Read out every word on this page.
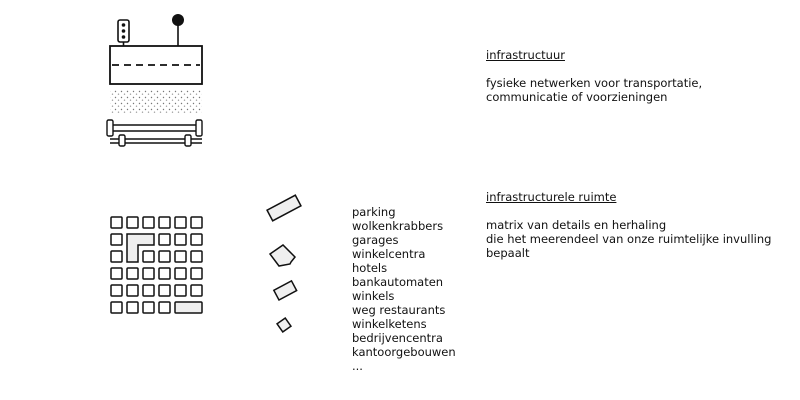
parking
wolkenkrabbers
garages
winkelcentra
hotels
bankautomaten
winkels
weg restaurants
winkelketens
bedrijvencentra
kantoorgebouwen
...
infrastructuur
fysieke netwerken voor transportatie,
communicatie of voorzieningen
infrastructurele ruimte
matrix van details en herhaling
die het meerendeel van onze ruimtelijke invulling
bepaalt
